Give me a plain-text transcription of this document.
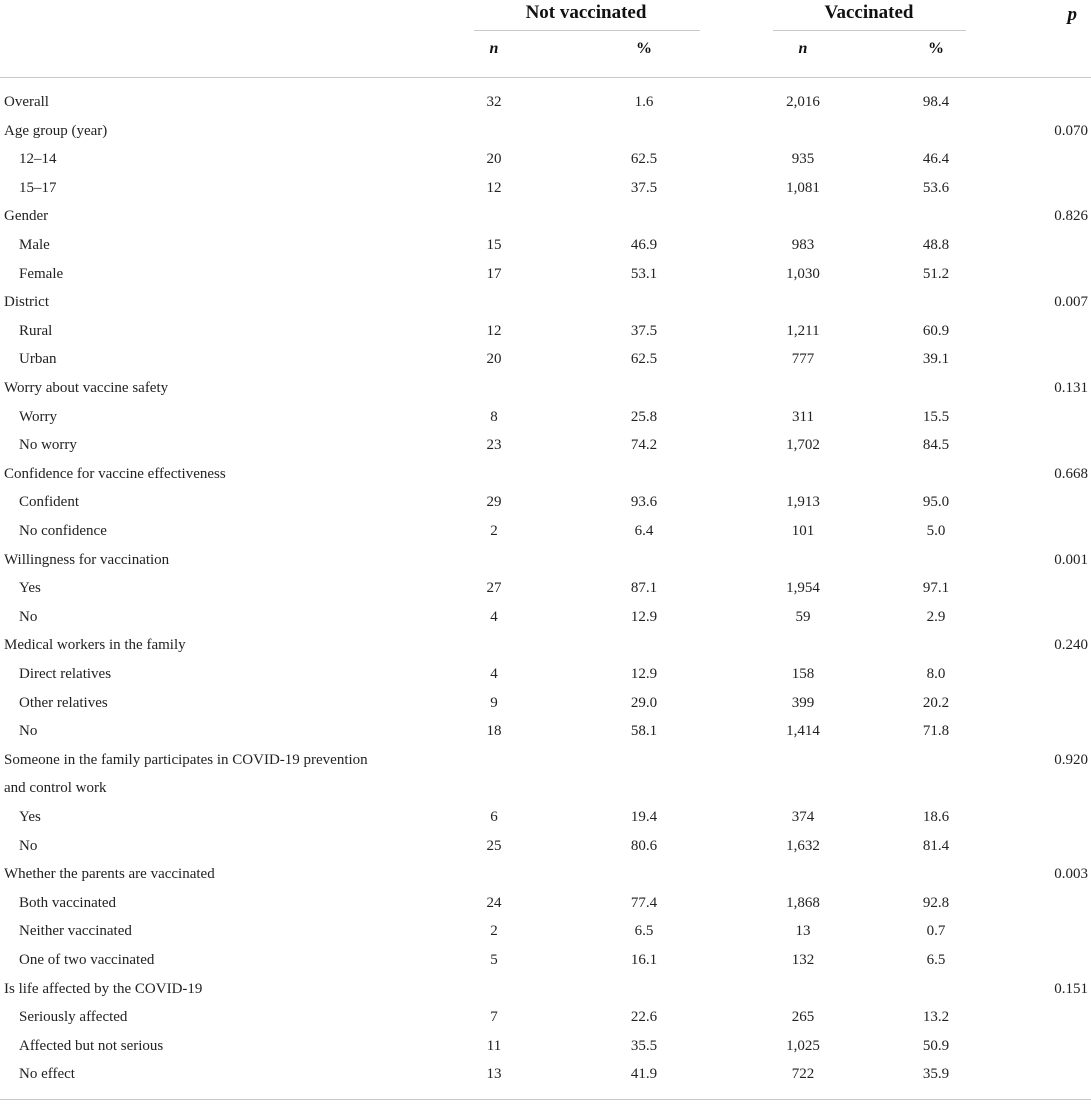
Not vaccinated	Vaccinated	p
n	%	n	%
Overall	32	1.6	2,016	98.4
Age group (year)	0.070
12–14	20	62.5	935	46.4
15–17	12	37.5	1,081	53.6
Gender	0.826
Male	15	46.9	983	48.8
Female	17	53.1	1,030	51.2
District	0.007
Rural	12	37.5	1,211	60.9
Urban	20	62.5	777	39.1
Worry about vaccine safety	0.131
Worry	8	25.8	311	15.5
No worry	23	74.2	1,702	84.5
Confidence for vaccine effectiveness	0.668
Confident	29	93.6	1,913	95.0
No confidence	2	6.4	101	5.0
Willingness for vaccination	0.001
Yes	27	87.1	1,954	97.1
No	4	12.9	59	2.9
Medical workers in the family	0.240
Direct relatives	4	12.9	158	8.0
Other relatives	9	29.0	399	20.2
No	18	58.1	1,414	71.8
Someone in the family participates in COVID-19 prevention	0.920
and control work
Yes	6	19.4	374	18.6
No	25	80.6	1,632	81.4
Whether the parents are vaccinated	0.003
Both vaccinated	24	77.4	1,868	92.8
Neither vaccinated	2	6.5	13	0.7
One of two vaccinated	5	16.1	132	6.5
Is life affected by the COVID-19	0.151
Seriously affected	7	22.6	265	13.2
Affected but not serious	11	35.5	1,025	50.9
No effect	13	41.9	722	35.9
